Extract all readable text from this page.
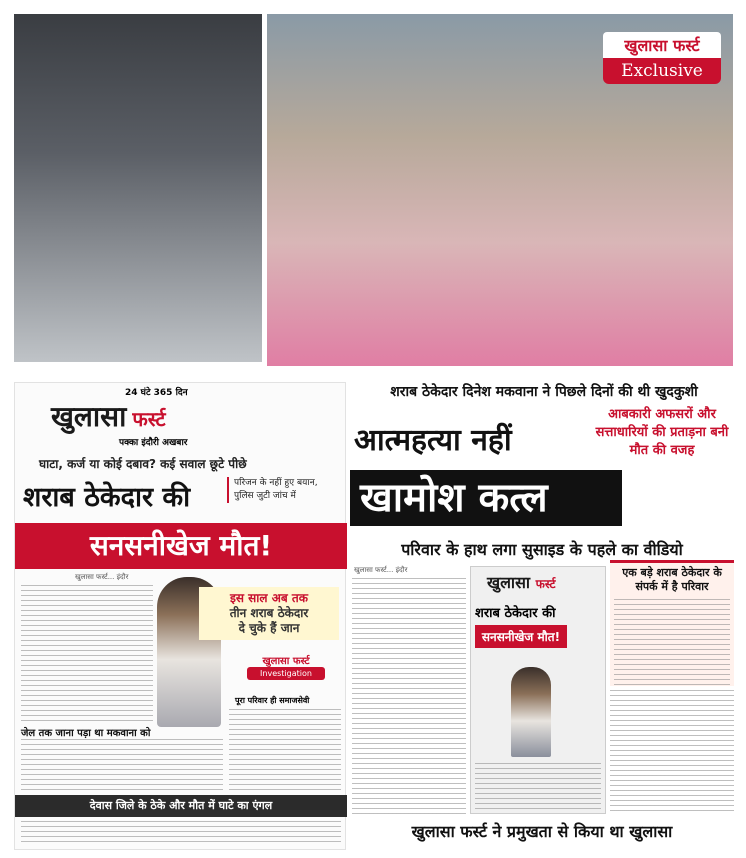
खुलासा फर्स्ट
Exclusive
24 घंटे 365 दिन
खुलासा फर्स्ट
पक्का इंदौरी अखबार
घाटा, कर्ज या कोई दबाव? कई सवाल छूटे पीछे
शराब ठेकेदार की	परिजन के नहीं हुए बयान, पुलिस जुटी जांच में
सनसनीखेज मौत!
खुलासा फर्स्ट... इंदौर
इस साल अब तक
तीन शराब ठेकेदार
दे चुके हैं जान
खुलासा फर्स्ट
Investigation
पूरा परिवार ही समाजसेवी
जेल तक जाना पड़ा था मकवाना को
देवास जिले के ठेके और मौत में घाटे का एंगल
शराब ठेकेदार दिनेश मकवाना ने पिछले दिनों की थी खुदकुशी
आत्महत्या नहीं
आबकारी अफसरों और सत्ताधारियों की प्रताड़ना बनी मौत की वजह
खामोश कत्ल
परिवार के हाथ लगा सुसाइड के पहले का वीडियो
खुलासा फर्स्ट... इंदौर
खुलासा फर्स्ट
शराब ठेकेदार की
सनसनीखेज मौत!
एक बड़े शराब ठेकेदार के संपर्क में है परिवार
खुलासा फर्स्ट ने प्रमुखता से किया था खुलासा
